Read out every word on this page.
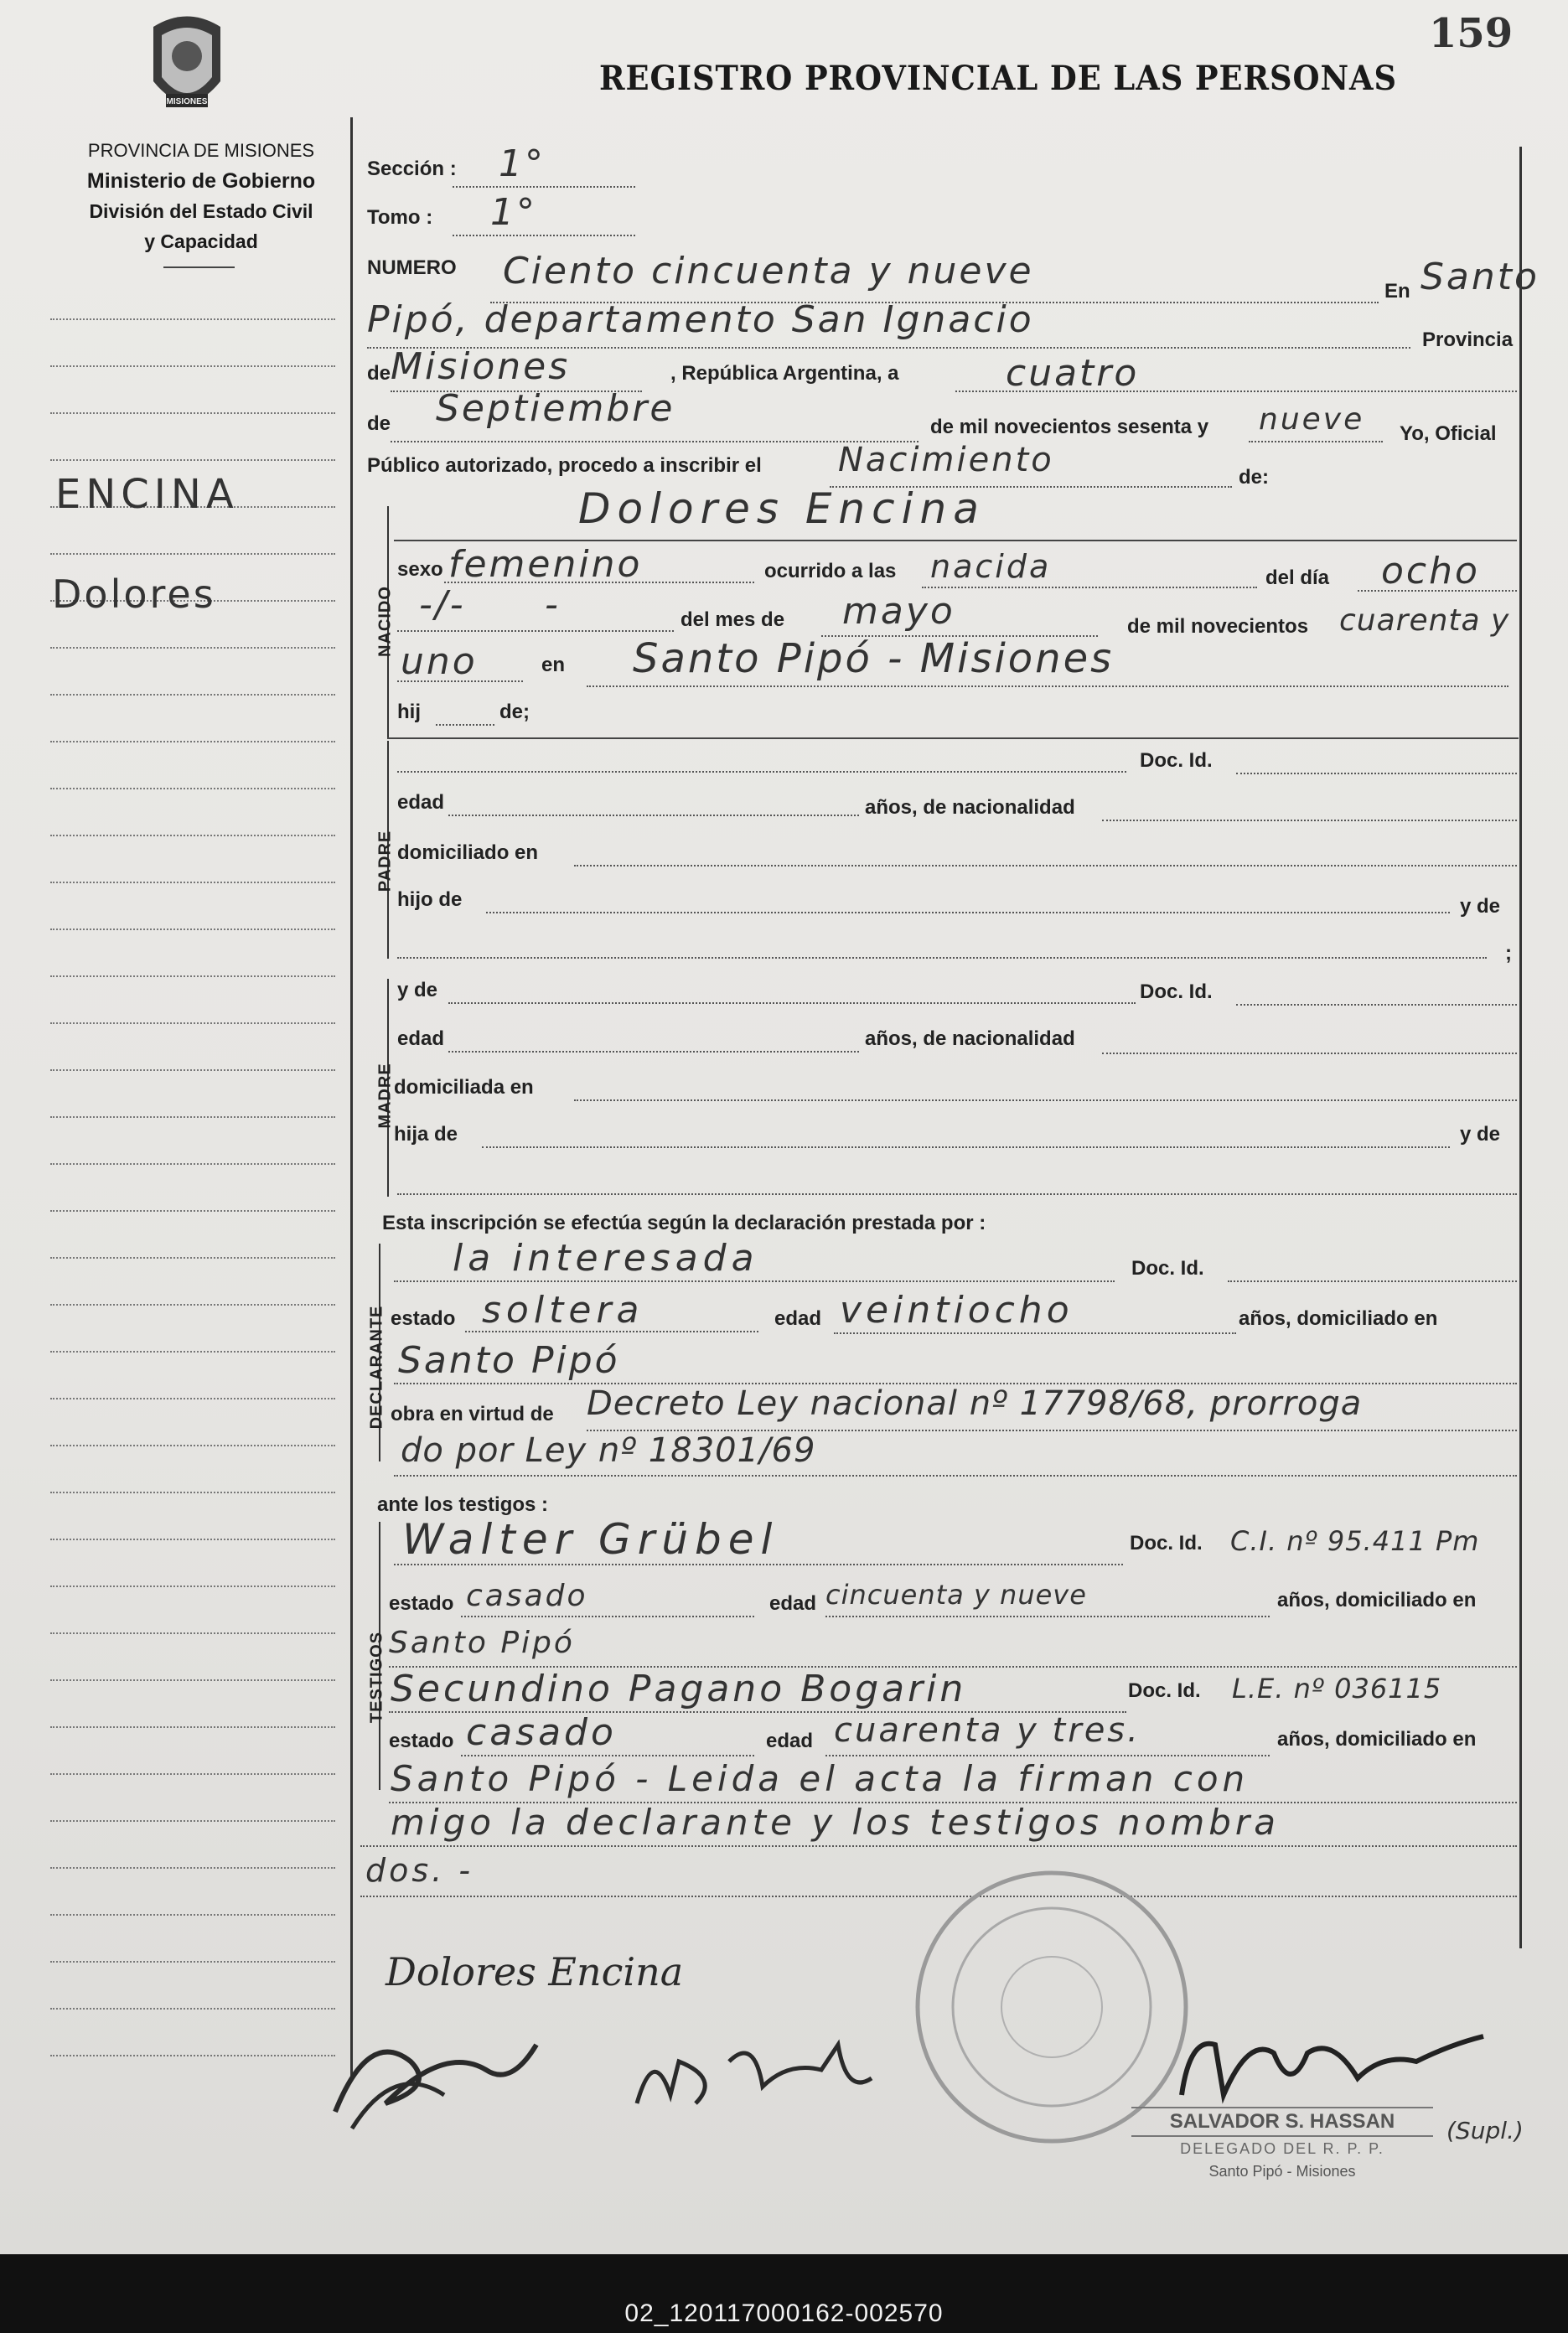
159
MISIONES
PROVINCIA DE MISIONES
Ministerio de Gobierno
División del Estado Civil
y Capacidad
REGISTRO PROVINCIAL DE LAS PERSONAS
ENCINA
Dolores
Sección : 1°
Tomo : 1°
NUMERO Ciento cincuenta y nueve	En Santo
Pipó, departamento San Ignacio	Provincia
de Misiones	, República Argentina, a	cuatro
de Septiembre	de mil novecientos sesenta y nueve Yo, Oficial
Público autorizado, procedo a inscribir el Nacimiento	de:
Dolores Encina
NACIDO
sexo femenino	ocurrido a las nacida	del día ocho
-/- -	del mes de mayo	de mil novecientos cuarenta y
uno	en Santo Pipó - Misiones
hij	de;
PADRE
Doc. Id.
edad	años, de nacionalidad
domiciliado en
hijo de	y de
;
MADRE
y de	Doc. Id.
edad	años, de nacionalidad
domiciliada en
hija de	y de
Esta inscripción se efectúa según la declaración prestada por :
DECLARANTE
la interesada	Doc. Id.
estado soltera	edad veintiocho	años, domiciliado en
Santo Pipó
obra en virtud de Decreto Ley nacional nº 17798/68, prorroga
do por Ley nº 18301/69
ante los testigos :
TESTIGOS
Walter Grübel	Doc. Id. C.I. nº 95.411 Pm
estado casado	edad cincuenta y nueve	años, domiciliado en
Santo Pipó
Secundino Pagano Bogarin	Doc. Id. L.E. nº 036115
estado casado	edad cuarenta y tres.	años, domiciliado en
Santo Pipó - Leida el acta la firman con
migo la declarante y los testigos nombra
dos. -
Dolores Encina
SALVADOR S. HASSAN
DELEGADO DEL R. P. P.
Santo Pipó - Misiones
(Supl.)
02_120117000162-002570
